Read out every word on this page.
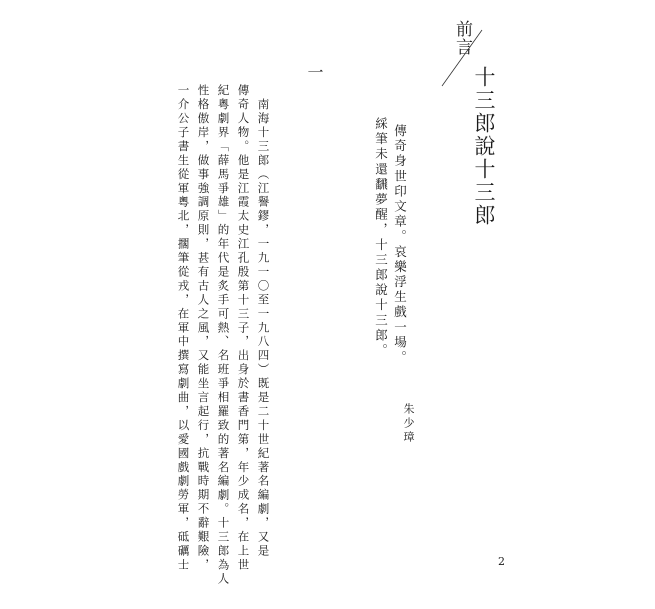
前言
十三郎說十三郎
傳奇身世印文章。哀樂浮生戲一場。
綵筆未還飜夢醒，十三郎說十三郎。
朱少璋
一
　南海十三郎（江譽鏐，一九一〇至一九八四）既是二十世紀著名編劇，又是
傳奇人物。他是江霞太史江孔殷第十三子，出身於書香門第，年少成名，在上世
紀粵劇界「薛馬爭雄」的年代是炙手可熱、名班爭相羅致的著名編劇。十三郎為人
性格傲岸，做事強調原則，甚有古人之風，又能坐言起行，抗戰時期不辭艱險，
一介公子書生從軍粵北，擱筆從戎，在軍中撰寫劇曲，以愛國戲劇勞軍，砥礪士	2
